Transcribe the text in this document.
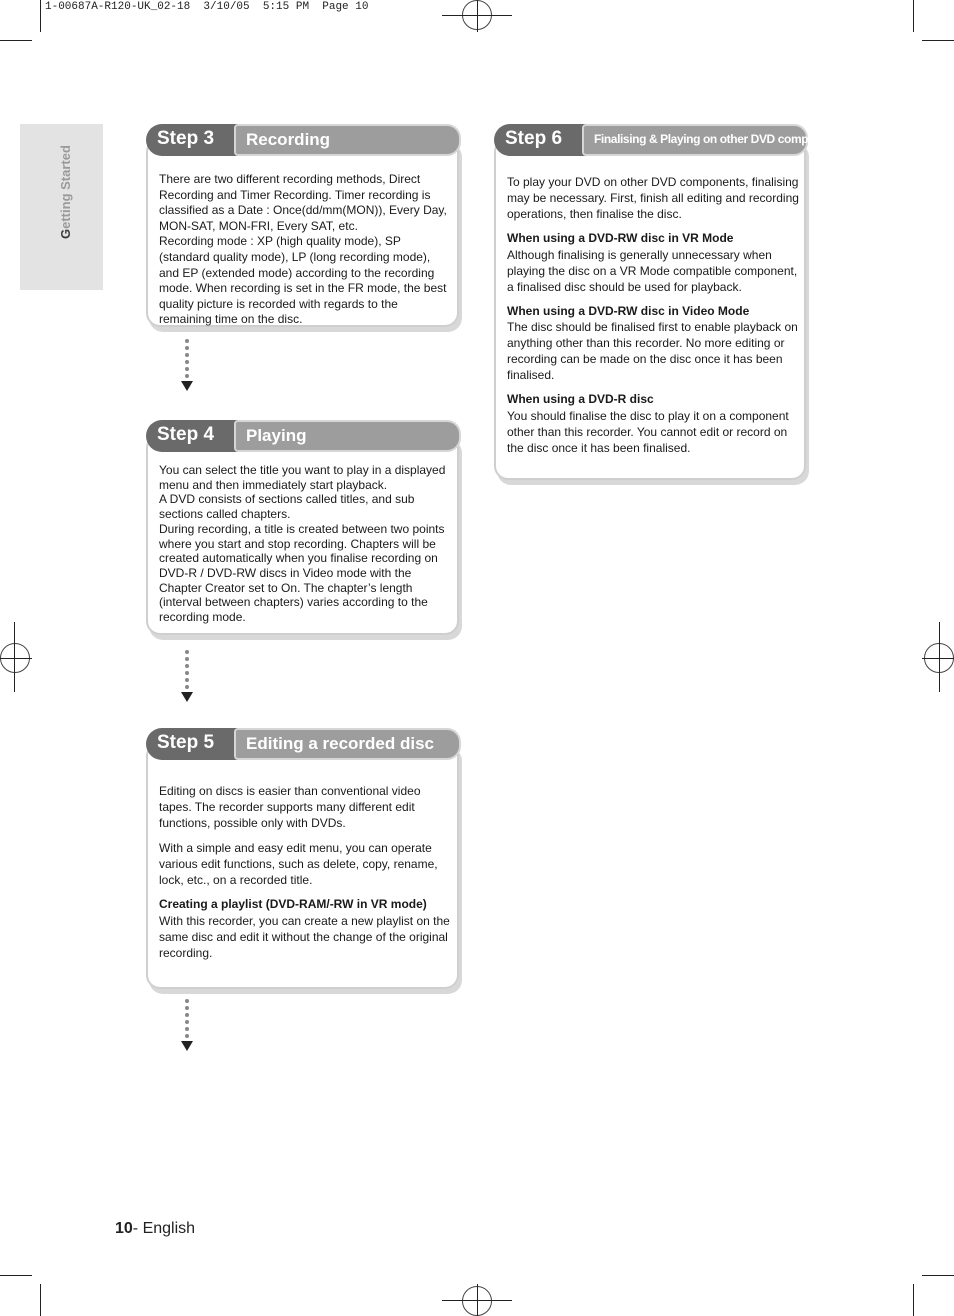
1-00687A-R120-UK_02-18  3/10/05  5:15 PM  Page 10
Getting Started
Step 3	Recording

There are two different recording methods, Direct Recording and Timer Recording. Timer recording is classified as a Date : Once(dd/mm(MON)), Every Day, MON-SAT, MON-FRI, Every SAT, etc.

Recording mode : XP (high quality mode), SP (standard quality mode), LP (long recording mode), and EP (extended mode) according to the recording mode. When recording is set in the FR mode, the best quality picture is recorded with regards to the remaining time on the disc.

Step 4	Playing

You can select the title you want to play in a displayed menu and then immediately start playback.

A DVD consists of sections called titles, and sub sections called chapters.

During recording, a title is created between two points where you start and stop recording. Chapters will be created automatically when you finalise recording on DVD-R / DVD-RW discs in Video mode with the Chapter Creator set to On. The chapter’s length (interval between chapters) varies according to the recording mode.

Step 5	Editing a recorded disc

Editing on discs is easier than conventional video tapes. The recorder supports many different edit functions, possible only with DVDs.

With a simple and easy edit menu, you can operate various edit functions, such as delete, copy, rename, lock, etc., on a recorded title.

Creating a playlist (DVD-RAM/-RW in VR mode)

With this recorder, you can create a new playlist on the same disc and edit it without the change of the original recording.

Step 6	Finalising & Playing on other DVD components

To play your DVD on other DVD components, finalising may be necessary. First, finish all editing and recording operations, then finalise the disc.

When using a DVD-RW disc in VR Mode

Although finalising is generally unnecessary when playing the disc on a VR Mode compatible component, a finalised disc should be used for playback.

When using a DVD-RW disc in Video Mode

The disc should be finalised first to enable playback on anything other than this recorder. No more editing or recording can be made on the disc once it has been finalised.

When using a DVD-R disc

You should finalise the disc to play it on a component other than this recorder. You cannot edit or record on the disc once it has been finalised.

10- English
